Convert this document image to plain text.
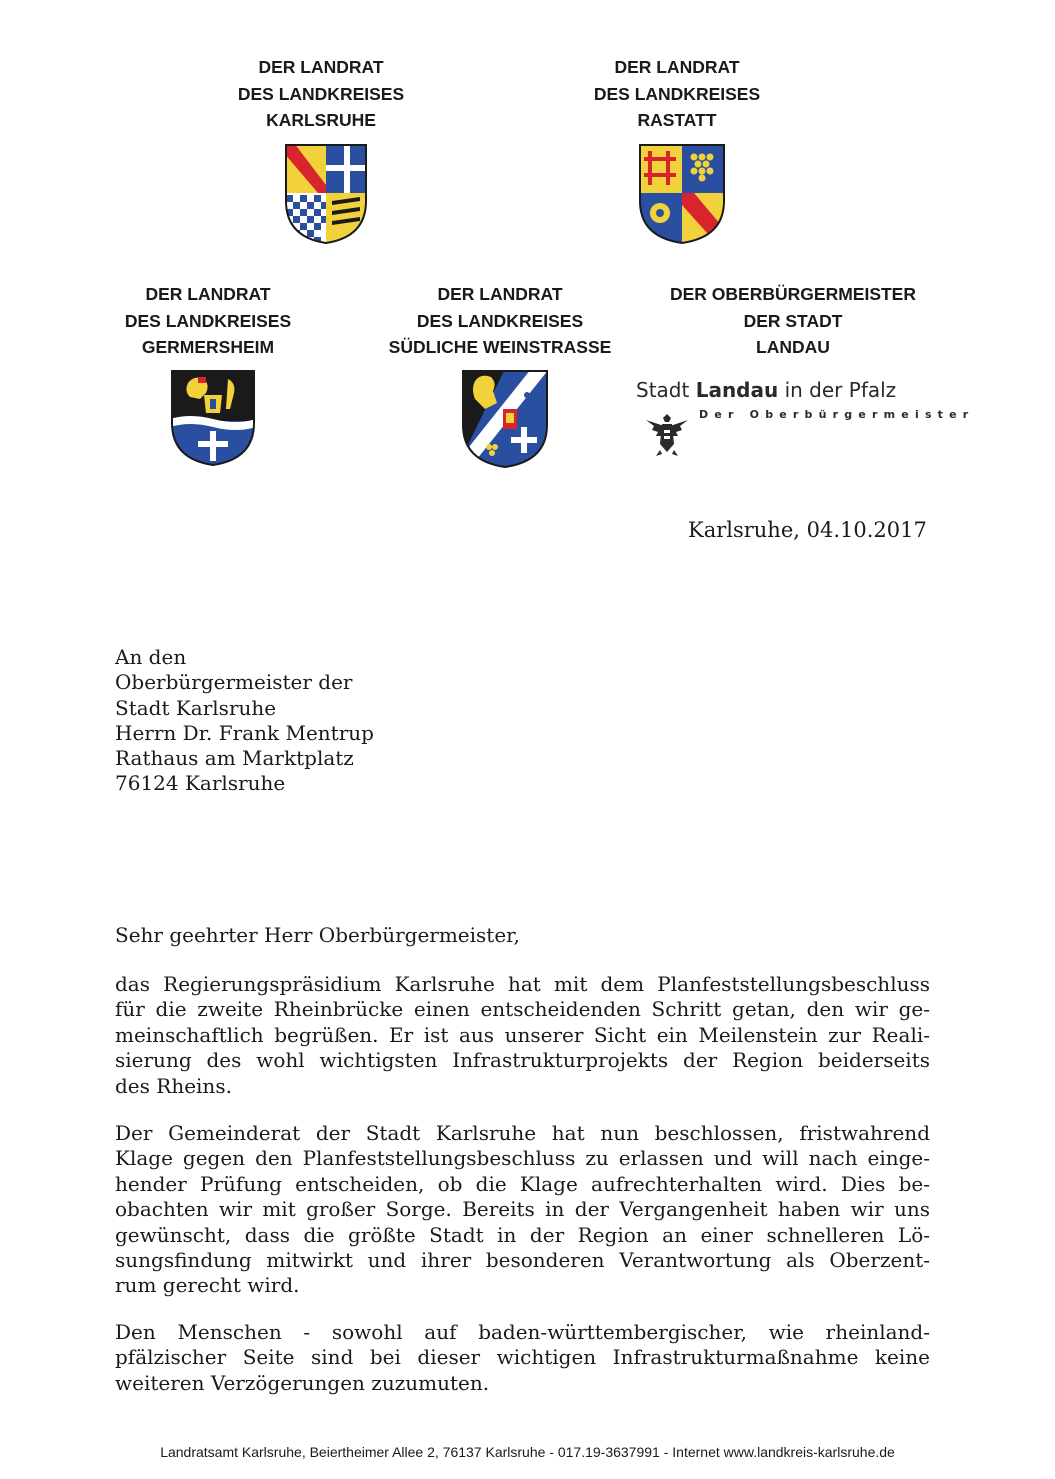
DER LANDRAT
DES LANDKREISES
KARLSRUHE
DER LANDRAT
DES LANDKREISES
RASTATT
DER LANDRAT
DES LANDKREISES
GERMERSHEIM
DER LANDRAT
DES LANDKREISES
SÜDLICHE WEINSTRASSE
DER OBERBÜRGERMEISTER
DER STADT
LANDAU
Stadt Landau in der Pfalz
Der Oberbürgermeister
Karlsruhe, 04.10.2017
An den
Oberbürgermeister der
Stadt Karlsruhe
Herrn Dr. Frank Mentrup
Rathaus am Marktplatz
76124 Karlsruhe
Sehr geehrter Herr Oberbürgermeister,
das Regierungspräsidium Karlsruhe hat mit dem Planfeststellungsbeschluss
für die zweite Rheinbrücke einen entscheidenden Schritt getan, den wir ge-
meinschaftlich begrüßen. Er ist aus unserer Sicht ein Meilenstein zur Reali-
sierung des wohl wichtigsten Infrastrukturprojekts der Region beiderseits
des Rheins.
Der Gemeinderat der Stadt Karlsruhe hat nun beschlossen, fristwahrend
Klage gegen den Planfeststellungsbeschluss zu erlassen und will nach einge-
hender Prüfung entscheiden, ob die Klage aufrechterhalten wird. Dies be-
obachten wir mit großer Sorge. Bereits in der Vergangenheit haben wir uns
gewünscht, dass die größte Stadt in der Region an einer schnelleren Lö-
sungsfindung mitwirkt und ihrer besonderen Verantwortung als Oberzent-
rum gerecht wird.
Den Menschen - sowohl auf baden-württembergischer, wie rheinland-
pfälzischer Seite sind bei dieser wichtigen Infrastrukturmaßnahme keine
weiteren Verzögerungen zuzumuten.
Landratsamt Karlsruhe, Beiertheimer Allee 2, 76137 Karlsruhe - 017.19-3637991 - Internet www.landkreis-karlsruhe.de
